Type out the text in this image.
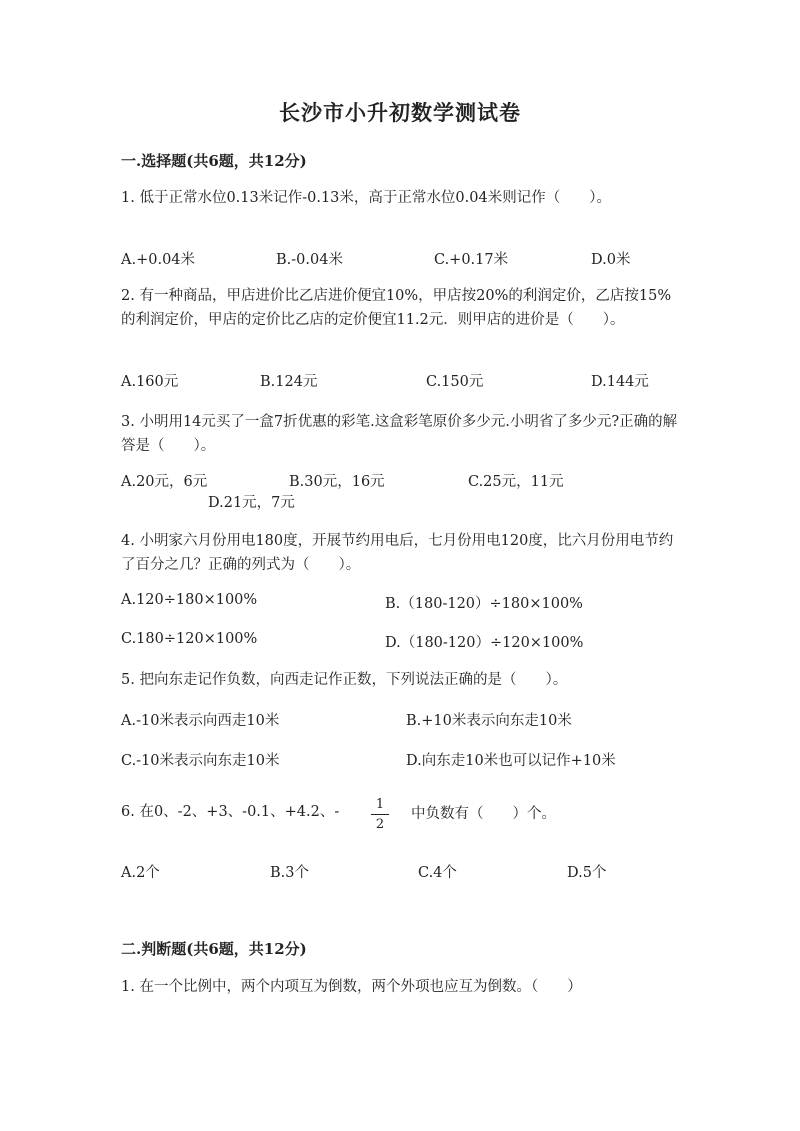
长沙市小升初数学测试卷
一.选择题(共6题，共12分)
1. 低于正常水位0.13米记作-0.13米，高于正常水位0.04米则记作（　　）。
A.+0.04米	B.-0.04米	C.+0.17米	D.0米
2. 有一种商品，甲店进价比乙店进价便宜10%，甲店按20%的利润定价，乙店按15%的利润定价，甲店的定价比乙店的定价便宜11.2元．则甲店的进价是（　　）。
A.160元	B.124元	C.150元	D.144元
3. 小明用14元买了一盒7折优惠的彩笔.这盒彩笔原价多少元.小明省了多少元?正确的解答是（　　）。
A.20元，6元	B.30元，16元	C.25元，11元
D.21元，7元
4. 小明家六月份用电180度，开展节约用电后，七月份用电120度，比六月份用电节约了百分之几？正确的列式为（　　）。
A.120÷180×100%	B.（180-120）÷180×100%
C.180÷120×100%	D.（180-120）÷120×100%
5. 把向东走记作负数，向西走记作正数，下列说法正确的是（　　）。
A.-10米表示向西走10米	B.+10米表示向东走10米
C.-10米表示向东走10米	D.向东走10米也可以记作+10米
6. 在0、-2、+3、-0.1、+4.2、-	1
2
中负数有（　　）个。
A.2个	B.3个	C.4个	D.5个
二.判断题(共6题，共12分)
1. 在一个比例中，两个内项互为倒数，两个外项也应互为倒数。（　　）
